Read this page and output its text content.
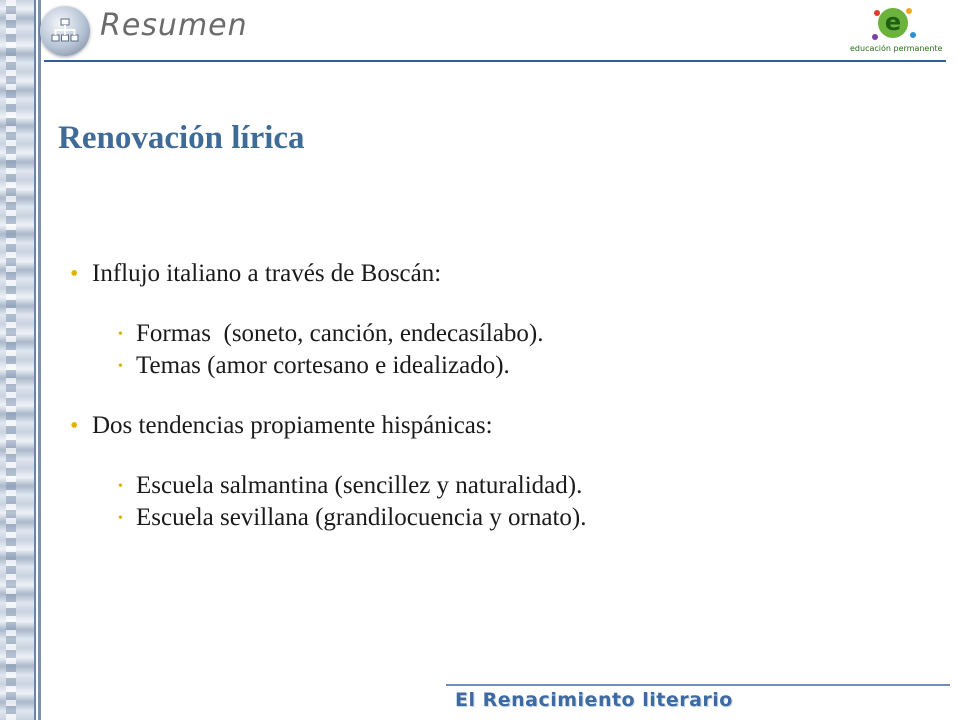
Resumen	e
educación permanente
Renovación lírica
• Influjo italiano a través de Boscán:
• Formas  (soneto, canción, endecasílabo).
• Temas (amor cortesano e idealizado).
• Dos tendencias propiamente hispánicas:
• Escuela salmantina (sencillez y naturalidad).
• Escuela sevillana (grandilocuencia y ornato).
El Renacimiento literario
